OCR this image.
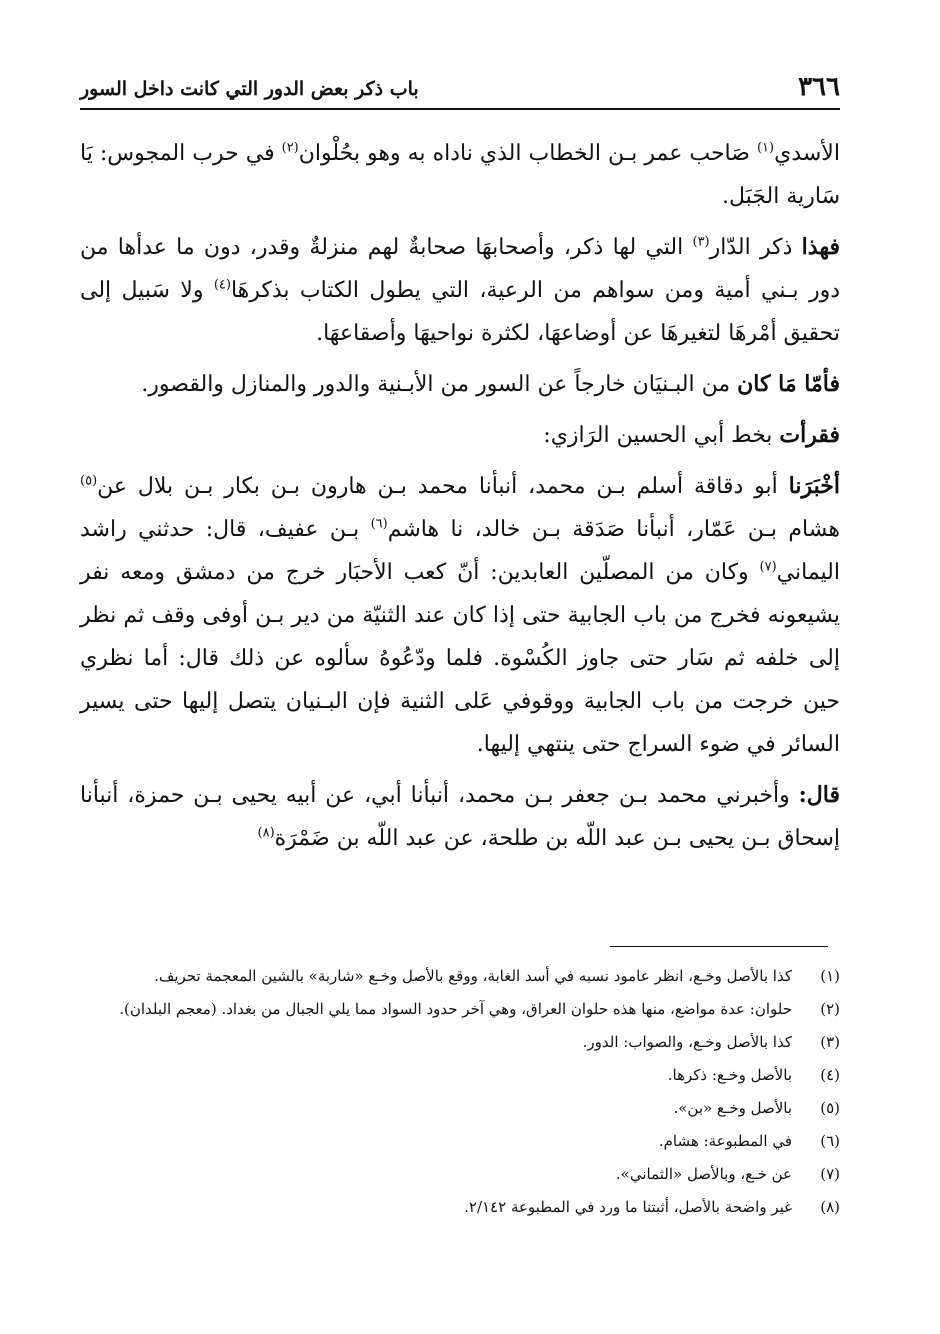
٣٦٦
باب ذكر بعض الدور التي كانت داخل السور

الأسدي$^{(١)}$ صَاحب عمر بـن الخطاب الذي ناداه به وهو بحُلْوان$^{(٢)}$ في حرب المجوس: يَا سَارية الجَبَل.

فهذا ذكر الدّار$^{(٣)}$ التي لها ذكر، وأصحابهَا صحابةٌ لهم منزلةٌ وقدر، دون ما عدأها من دور بـني أمية ومن سواهم من الرعية، التي يطول الكتاب بذكرهَا$^{(٤)}$ ولا سَبيل إلى تحقيق أمْرهَا لتغيرهَا عن أوضاعهَا، لكثرة نواحيهَا وأصقاعهَا.

فأمّا مَا كان من البـنيَان خارجاً عن السور من الأبـنية والدور والمنازل والقصور.

فقرأت بخط أبي الحسين الرَازي:

أخْبَرَنا أبو دقاقة أسلم بـن محمد، أنبأنا محمد بـن هارون بـن بكار بـن بلال عن$^{(٥)}$ هشام بـن عَمّار، أنبأنا صَدَقة بـن خالد، نا هاشم$^{(٦)}$ بـن عفيف، قال: حدثني راشد اليماني$^{(٧)}$ وكان من المصلّين العابدين: أنّ كعب الأحبَار خرج من دمشق ومعه نفر يشيعونه فخرج من باب الجابية حتى إذا كان عند الثنيّة من دير بـن أوفى وقف ثم نظر إلى خلفه ثم سَار حتى جاوز الكُسْوة. فلما ودّعُوهُ سألوه عن ذلك قال: أما نظري حين خرجت من باب الجابية ووقوفي عَلى الثنية فإن البـنيان يتصل إليها حتى يسير السائر في ضوء السراج حتى ينتهي إليها.

قال: وأخبرني محمد بـن جعفر بـن محمد، أنبأنا أبي، عن أبيه يحيى بـن حمزة، أنبأنا إسحاق بـن يحيى بـن عبد اللّه بن طلحة، عن عبد اللّه بن ضَمْرَة$^{(٨)}$

(١)
كذا بالأصل وخـع، انظر عامود نسبه في أسد الغابة، ووقع بالأصل وخـع «شاربة» بالشين المعجمة تحريف.
(٢)
حلوان: عدة مواضع، منها هذه حلوان العراق، وهي آخر حدود السواد مما يلي الجبال من بغداد. (معجم البلدان).
(٣)
كذا بالأصل وخـع، والصواب: الدور.
(٤)
بالأصل وخـع: ذكرها.
(٥)
بالأصل وخـع «بن».
(٦)
في المطبوعة: هشام.
(٧)
عن خـع، وبالأصل «الثماني».
(٨)
غير واضحة بالأصل، أثبتنا ما ورد في المطبوعة ٢/١٤٢.
